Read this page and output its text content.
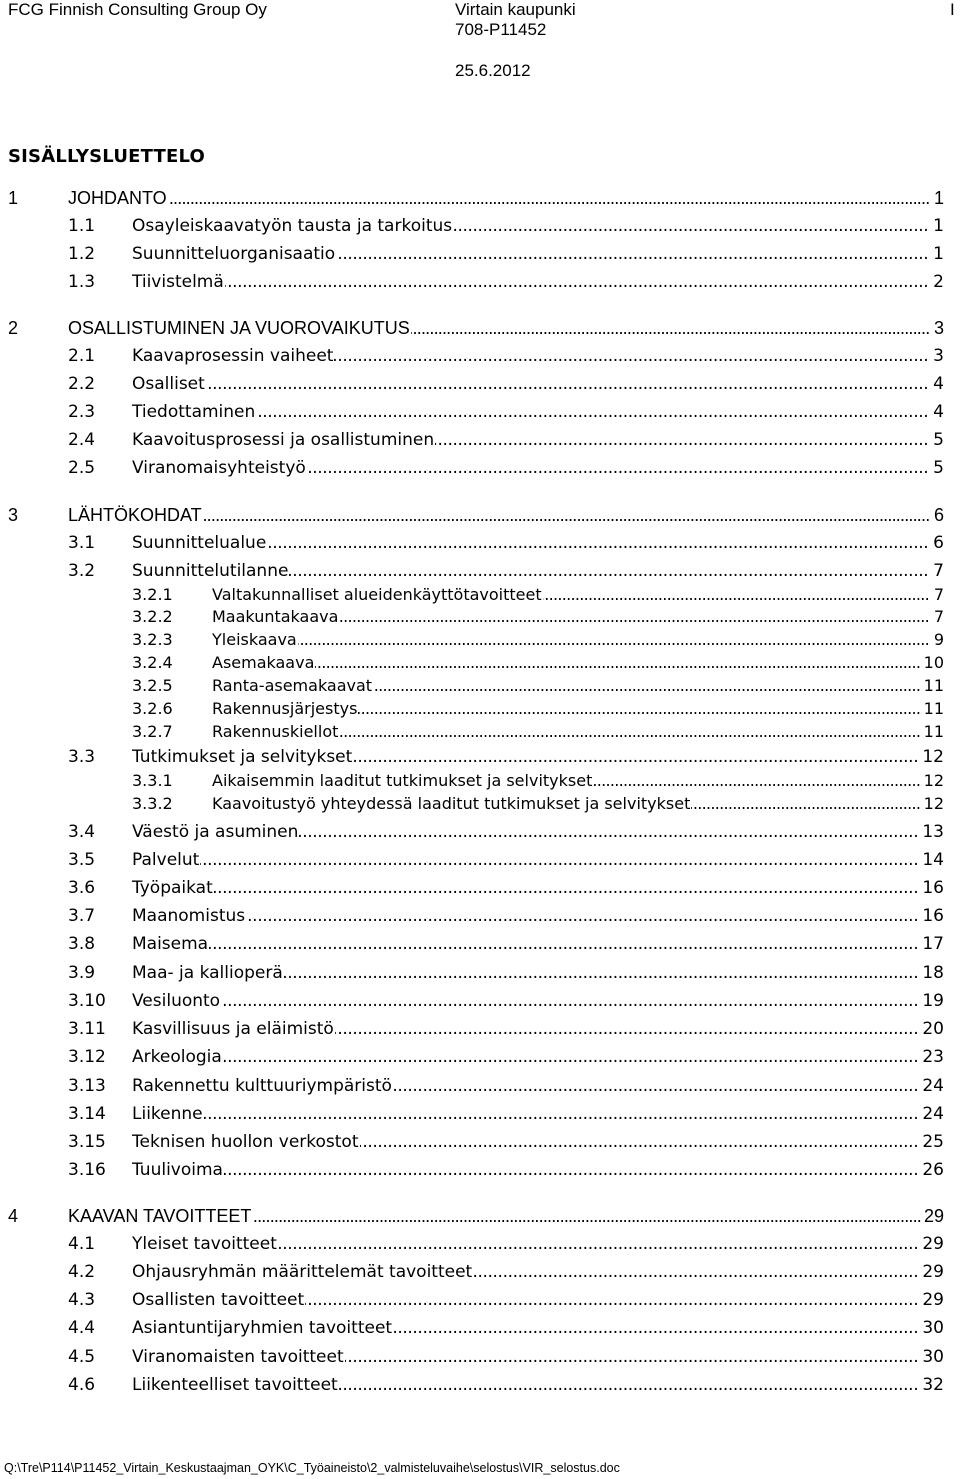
FCG Finnish Consulting Group Oy	Virtain kaupunki
708-P11452
25.6.2012
I
SISÄLLYSLUETTELO
1 . . .	JOHDANTO	1
1.1 . . . Osayleiskaavatyön tausta ja tarkoitus	1
1.2 . . . Suunnitteluorganisaatio	1
1.3 . . . Tiivistelmä	2
2 . . .	OSALLISTUMINEN JA VUOROVAIKUTUS	3
2.1 . . . Kaavaprosessin vaiheet	3
2.2 . . . Osalliset	4
2.3 . . . Tiedottaminen	4
2.4 . . . Kaavoitusprosessi ja osallistuminen	5
2.5 . . . Viranomaisyhteistyö	5
3 . . .	LÄHTÖKOHDAT	6
3.1 . . . Suunnittelualue	6
3.2 . . . Suunnittelutilanne	7
3.2.1 . . . Valtakunnalliset alueidenkäyttötavoitteet	7
3.2.2 . . . Maakuntakaava	7
3.2.3 . . . Yleiskaava	9
3.2.4 . . . Asemakaava	10
3.2.5 . . . Ranta-asemakaavat	11
3.2.6 . . . Rakennusjärjestys	11
3.2.7 . . . Rakennuskiellot	11
3.3 . . . Tutkimukset ja selvitykset	12
3.3.1 . . . Aikaisemmin laaditut tutkimukset ja selvitykset	12
3.3.2 . . . Kaavoitustyö yhteydessä laaditut tutkimukset ja selvitykset	12
3.4 . . . Väestö ja asuminen	13
3.5 . . . Palvelut	14
3.6 . . . Työpaikat	16
3.7 . . . Maanomistus	16
3.8 . . . Maisema	17
3.9 . . . Maa- ja kallioperä	18
3.10 . . . Vesiluonto	19
3.11 . . . Kasvillisuus ja eläimistö	20
3.12 . . . Arkeologia	23
3.13 . . . Rakennettu kulttuuriympäristö	24
3.14 . . . Liikenne	24
3.15 . . . Teknisen huollon verkostot	25
3.16 . . . Tuulivoima	26
4 . . .	KAAVAN TAVOITTEET	29
4.1 . . . Yleiset tavoitteet	29
4.2 . . . Ohjausryhmän määrittelemät tavoitteet	29
4.3 . . . Osallisten tavoitteet	29
4.4 . . . Asiantuntijaryhmien tavoitteet	30
4.5 . . . Viranomaisten tavoitteet	30
4.6 . . . Liikenteelliset tavoitteet	32
Q:\Tre\P114\P11452_Virtain_Keskustaajman_OYK\C_Työaineisto\2_valmisteluvaihe\selostus\VIR_selostus.doc
